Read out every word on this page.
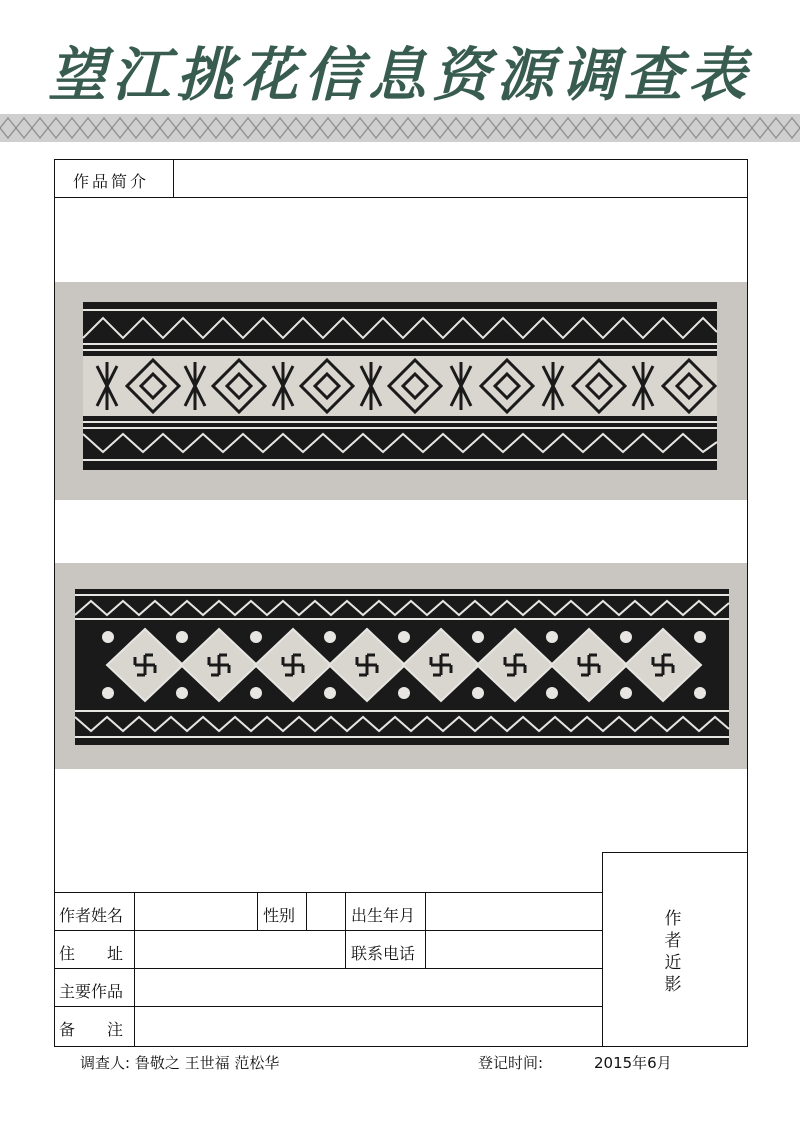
望江挑花信息资源调查表
作品简介
作者姓名	性别	出生年月
住　　址	联系电话
主要作品
备　　注
作
者
近
影
调查人: 鲁敬之 王世福 范松华	登记时间:	2015年6月
